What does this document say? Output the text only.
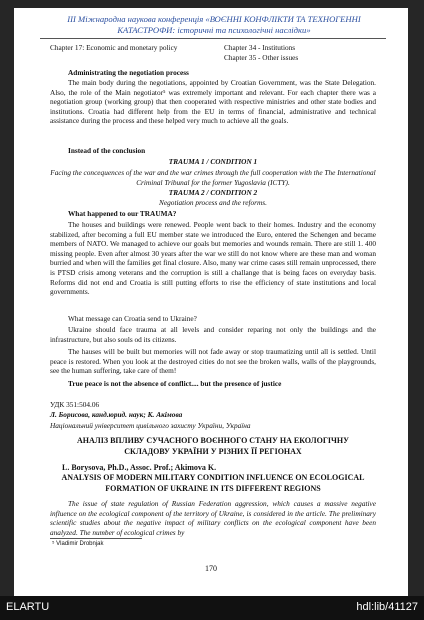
ІІІ Міжнародна наукова конференція «ВОЄННІ КОНФЛІКТИ ТА ТЕХНОГЕННІ
КАТАСТРОФИ: історичні та психологічні наслідки»
Chapter 17: Economic and monetary policy	Chapter 34 - Institutions
Chapter 35 - Other issues
Administrating the negotiation process
The main body during the negotiations, appointed by Croatian Government, was the State Delegation. Also, the role of the Main negotiator⁵ was extremely important and relevant. For each chapter there was a negotiation group (working group) that then cooperated with respective ministries and other state bodies and institutions. Croatia had different help from the EU in terms of financial, administrative and technical assistance during the process and these helped very much to achieve all the goals.
Instead of the conclusion
TRAUMA 1 / CONDITION 1
Facing the concequences of the war and the war crimes through the full cooperation with the The International Criminal Tribunal for the former Yugoslavia (ICTY).
TRAUMA 2 / CONDITION 2
Negotiation process and the reforms.
What happened to our TRAUMA?
The houses and buildings were renewed. People went back to their homes. Industry and the economy stabilized, after becoming a full EU member state we introduced the Euro, entered the Schengen and became members of NATO. We managed to achieve our goals but memories and wounds remain. There are still 1. 400 missing people. Even after almost 30 years after the war we still do not know where are these man and woman burried and when will the families get final closure. Also, many war crime cases still remain unprocessed, there is PTSD crisis among veterans and the corruption is still a challange that is being faces on everyday basis. Reforms did not end and Croatia is still putting efforts to rise the efficiency of state institutions and local governments.
What message can Croatia send to Ukraine?
Ukraine should face trauma at all levels and consider reparing not only the buildings and the infrastructure, but also souls od its citizens.
The hauses will be built but memories will not fade away or stop traumatizing until all is settled. Until peace is restored. When you look at the destroyed cities do not see the broken walls, walls of the playgrounds, see the human suffering, take care of them!
True peace is not the absence of conflict.... but the presence of justice
УДК 351:504.06
Л. Борисова, канд.юрид. наук; К. Акімова
Національний університет цивільного захисту України, Україна
АНАЛІЗ ВПЛИВУ СУЧАСНОГО ВОЄННОГО СТАНУ НА ЕКОЛОГІЧНУ СКЛАДОВУ УКРАЇНИ У РІЗНИХ ЇЇ РЕГІОНАХ
L. Borysova, Ph.D., Assoc. Prof.; Akimova K.
ANALYSIS OF MODERN MILITARY CONDITION INFLUENCE ON ECOLOGICAL FORMATION OF UKRAINE IN ITS DIFFERENT REGIONS
The issue of state regulation of Russian Federation aggression, which causes a massive negative influence on the ecological component of the territory of Ukraine, is considered in the article. The preliminary scientific studies about the negative impact of military conflicts on the ecological component have been analyzed. The number of ecological crimes by
⁵ Vladimir Drobnjak
170
ELARTU	hdl:lib/41127
